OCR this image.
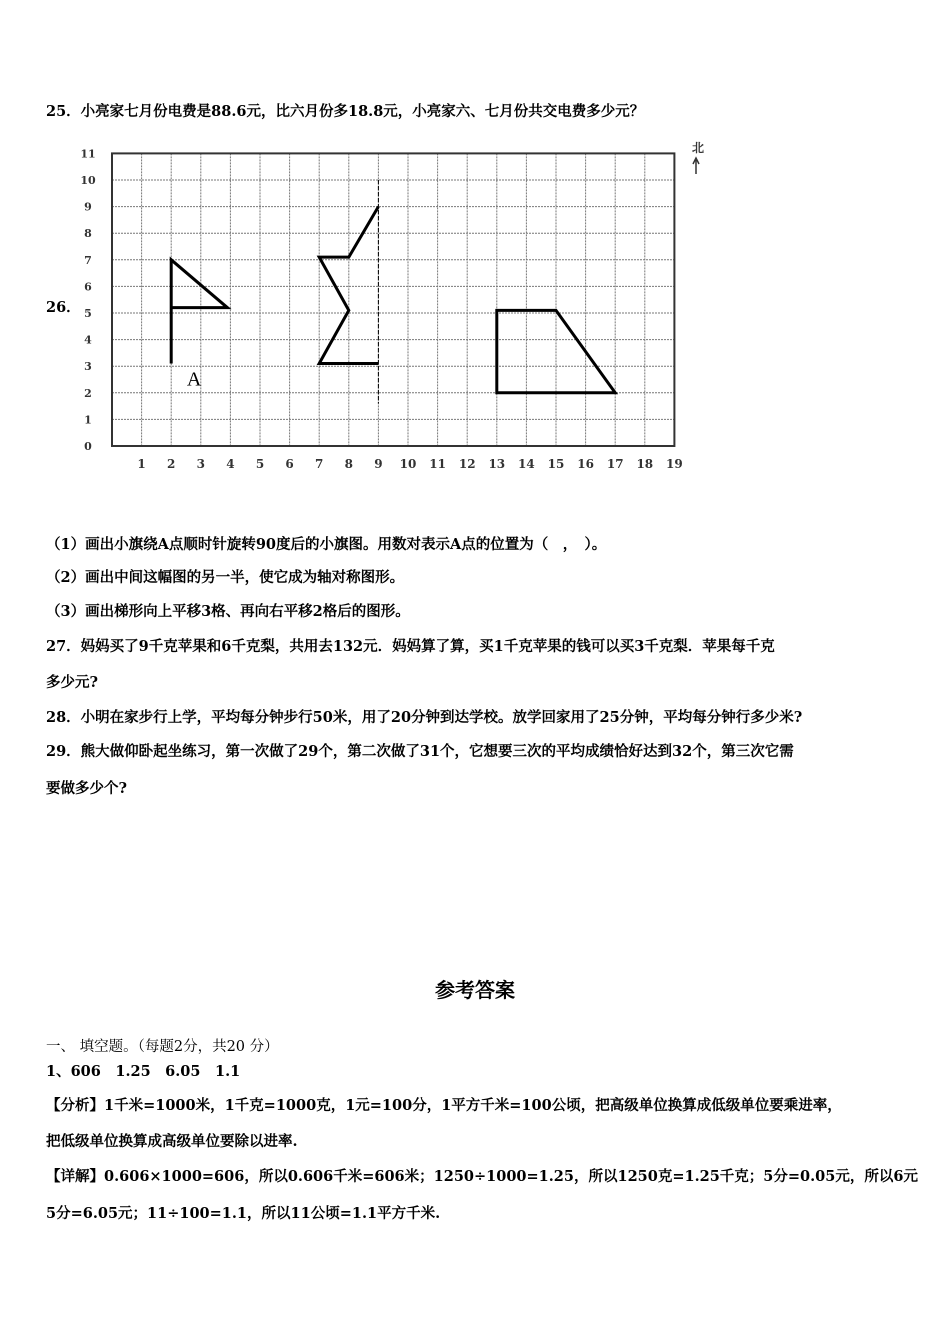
25．小亮家七月份电费是88.6元，比六月份多18.8元，小亮家六、七月份共交电费多少元？
26．
1 2 3 4 5 6 7 8 9 10 11 12 13 14 15 16 17 18 19
0
1
2
3
4
5
6
7
8
9
10
11	北
A
（1）画出小旗绕A点顺时针旋转90度后的小旗图。用数对表示A点的位置为（　，　）。
（2）画出中间这幅图的另一半，使它成为轴对称图形。
（3）画出梯形向上平移3格、再向右平移2格后的图形。
27．妈妈买了9千克苹果和6千克梨，共用去132元．妈妈算了算，买1千克苹果的钱可以买3千克梨．苹果每千克
多少元?
28．小明在家步行上学，平均每分钟步行50米，用了20分钟到达学校。放学回家用了25分钟，平均每分钟行多少米?
29．熊大做仰卧起坐练习，第一次做了29个，第二次做了31个，它想要三次的平均成绩恰好达到32个，第三次它需
要做多少个?
参考答案
一、 填空题。（每题2分，共20 分）
1、606　1.25　6.05　1.1
【分析】1千米=1000米，1千克=1000克，1元=100分，1平方千米=100公顷，把高级单位换算成低级单位要乘进率，
把低级单位换算成高级单位要除以进率.
【详解】0.606×1000=606，所以0.606千米=606米；1250÷1000=1.25，所以1250克=1.25千克；5分=0.05元，所以6元
5分=6.05元；11÷100=1.1，所以11公顷=1.1平方千米.
